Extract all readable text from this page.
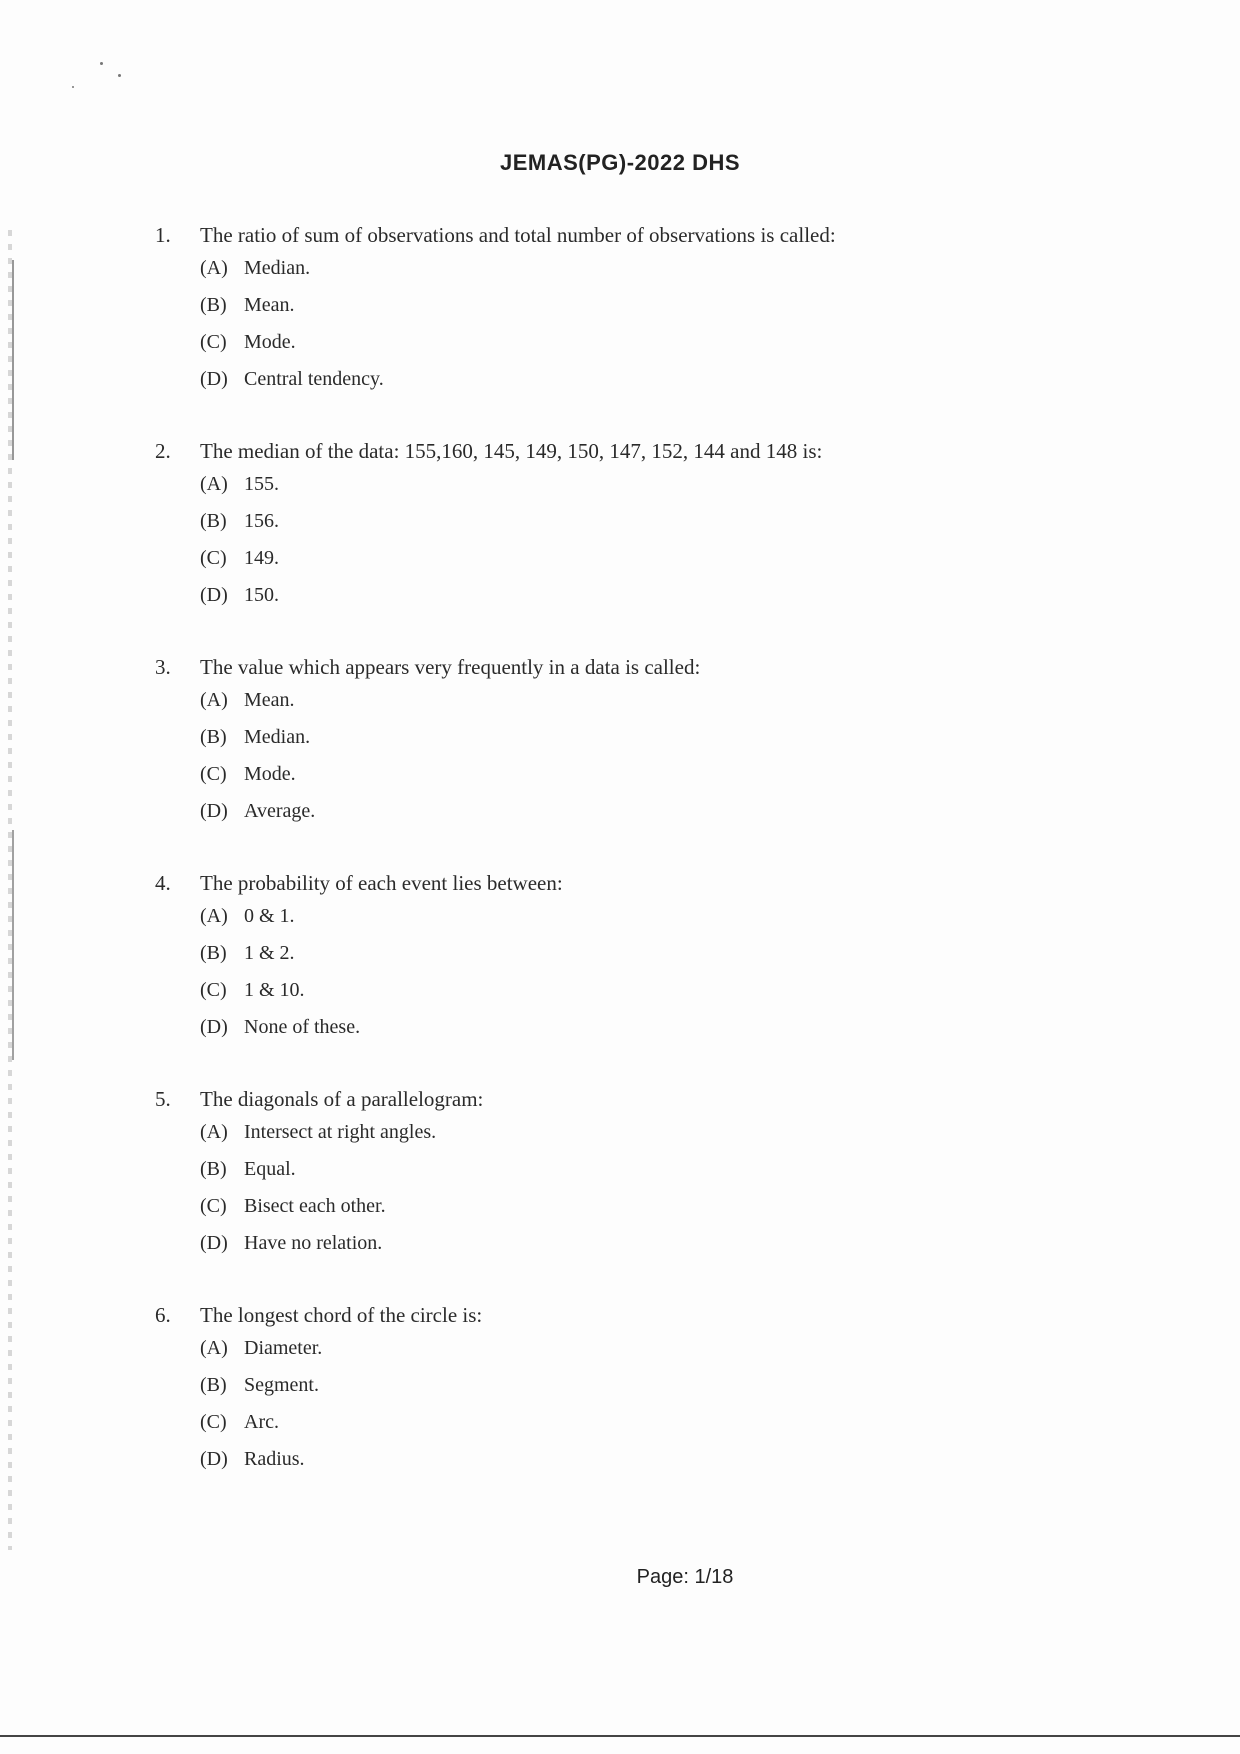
JEMAS(PG)-2022 DHS
1.	The ratio of sum of observations and total number of observations is called:
(A) Median.
(B) Mean.
(C) Mode.
(D) Central tendency.
2.	The median of the data: 155,160, 145, 149, 150, 147, 152, 144 and 148 is:
(A) 155.
(B) 156.
(C) 149.
(D) 150.
3.	The value which appears very frequently in a data is called:
(A) Mean.
(B) Median.
(C) Mode.
(D) Average.
4.	The probability of each event lies between:
(A) 0 & 1.
(B) 1 & 2.
(C) 1 & 10.
(D) None of these.
5.	The diagonals of a parallelogram:
(A) Intersect at right angles.
(B) Equal.
(C) Bisect each other.
(D) Have no relation.
6.	The longest chord of the circle is:
(A) Diameter.
(B) Segment.
(C) Arc.
(D) Radius.
Page: 1/18
